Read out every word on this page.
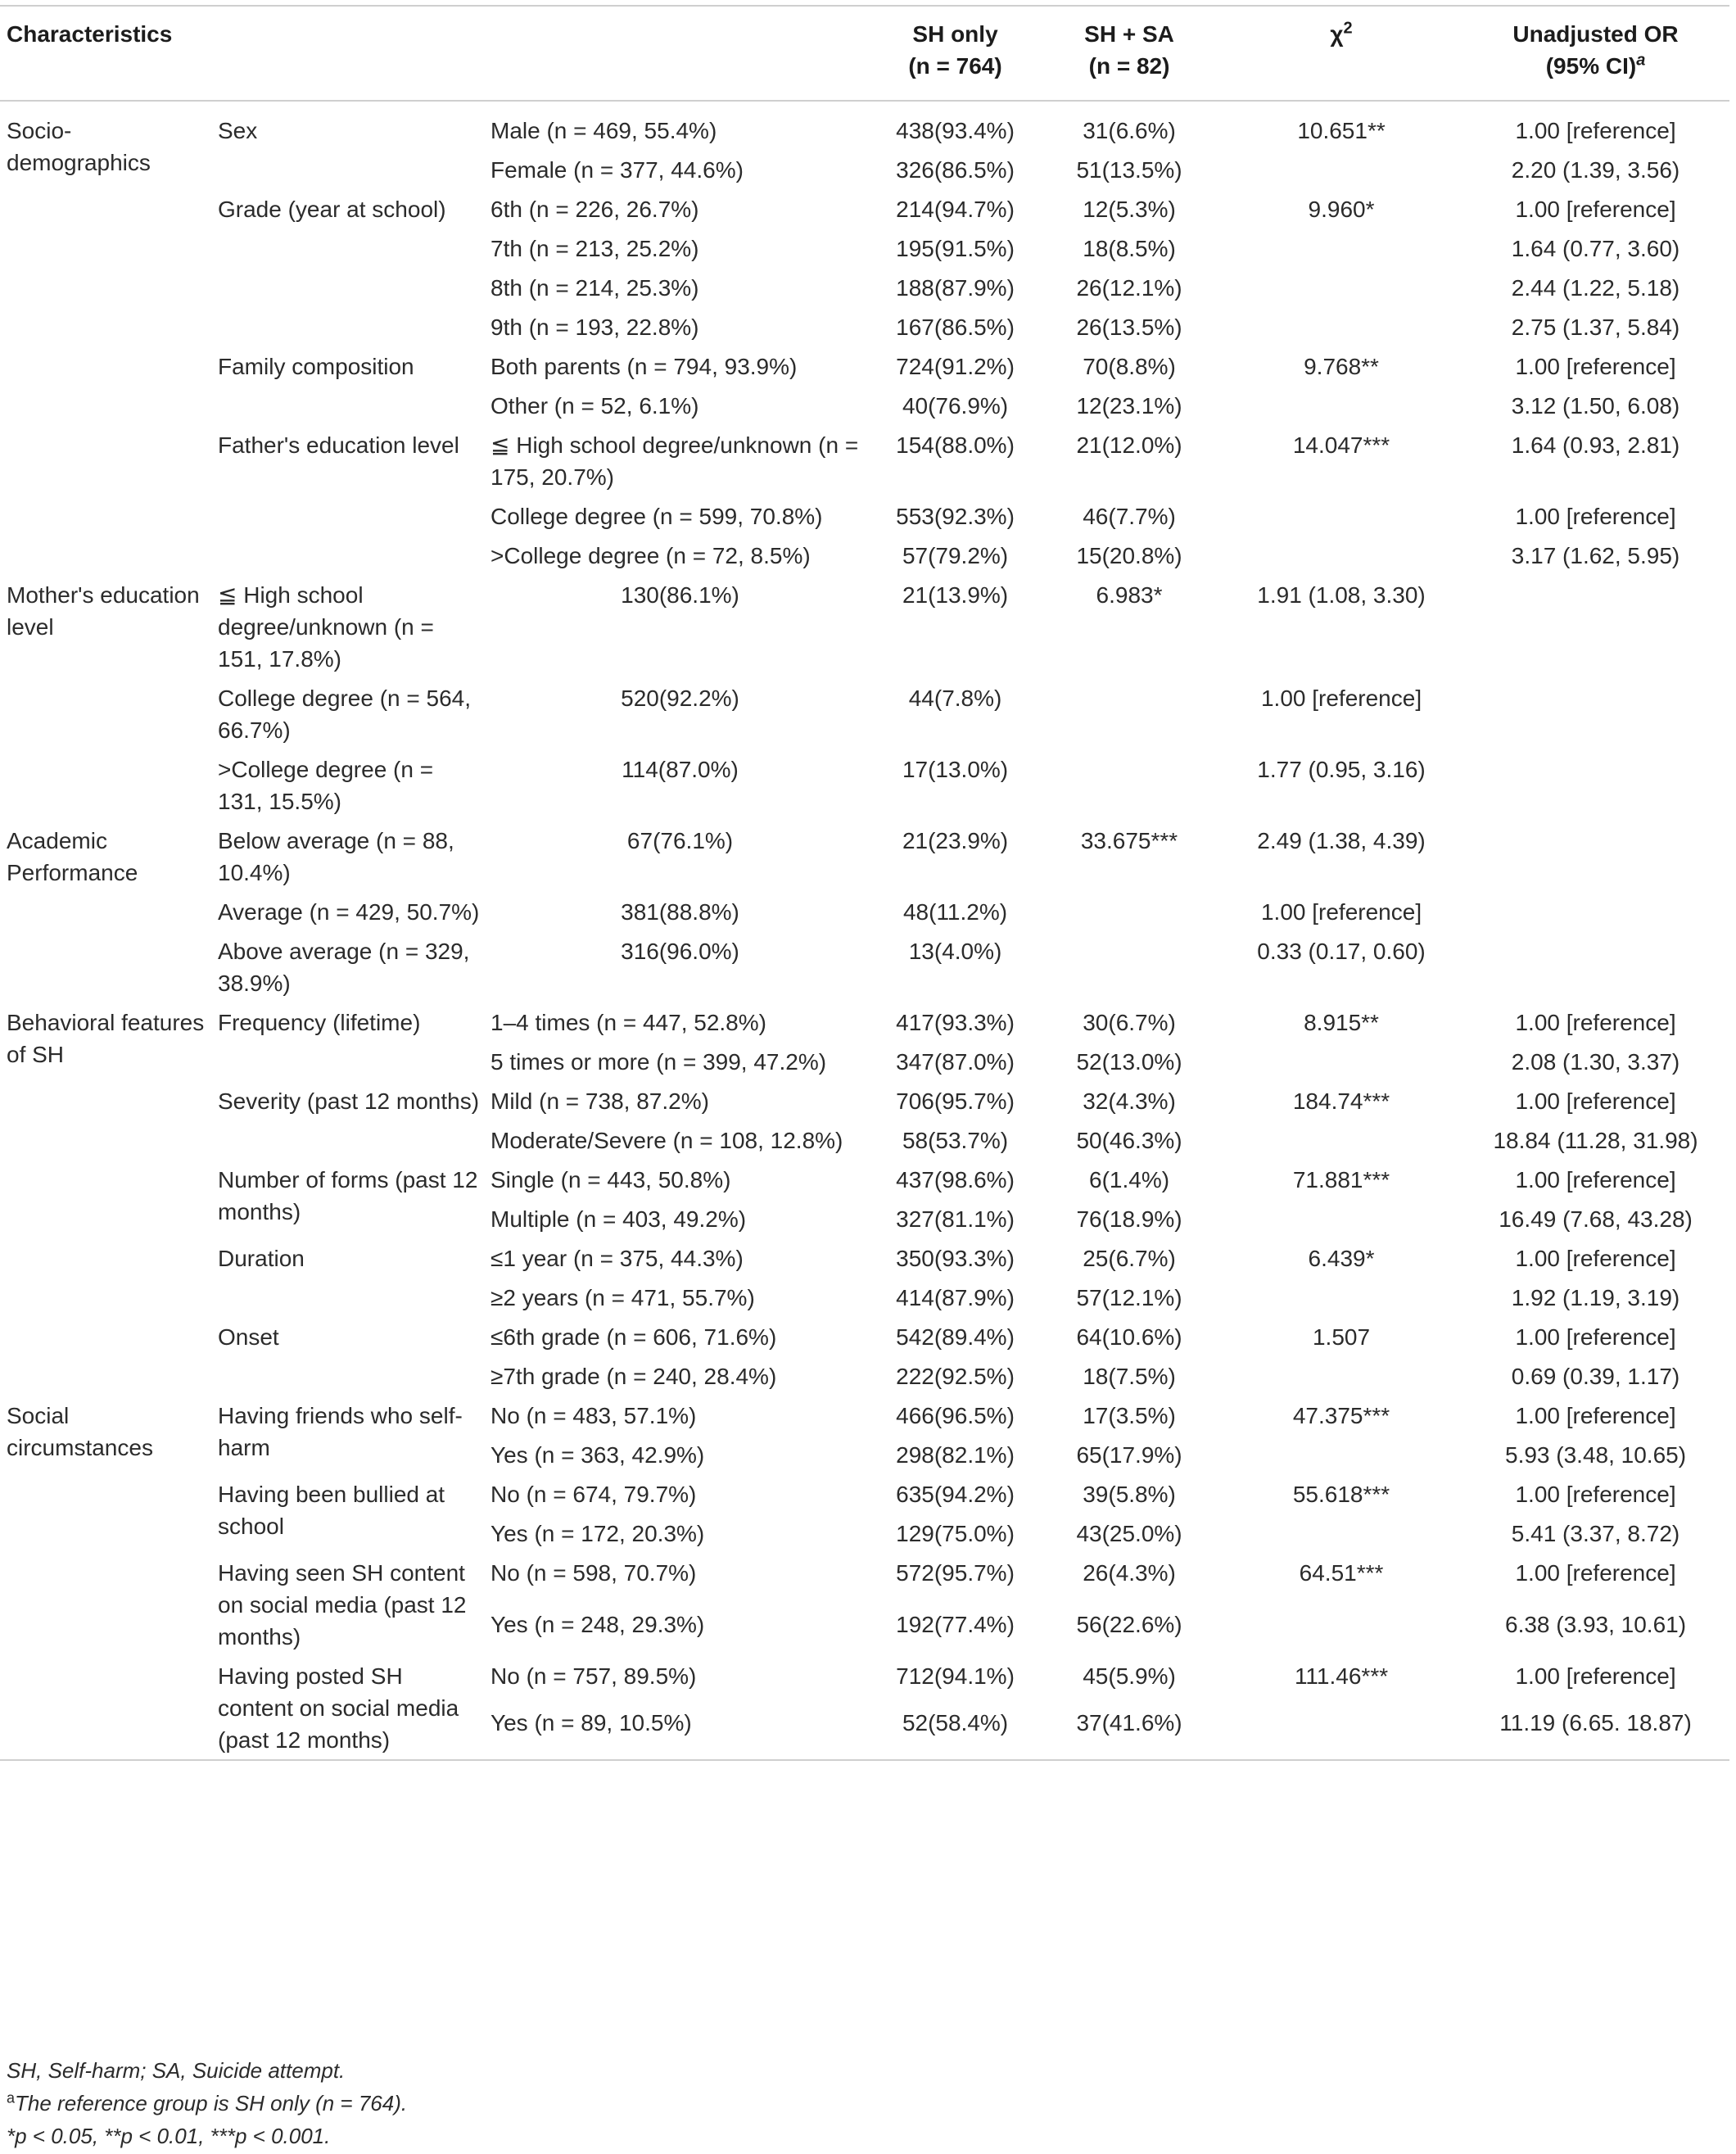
Characteristics			SH only
(n = 764)	SH + SA
(n = 82)	$\chi^2$	Unadjusted OR
(95% CI)$^a$
Socio-demographics	Sex	Male (n = 469, 55.4%)	438(93.4%)	31(6.6%)	10.651**	1.00 [reference]
		Female (n = 377, 44.6%)	326(86.5%)	51(13.5%)		2.20 (1.39, 3.56)
	Grade (year at school)	6th (n = 226, 26.7%)	214(94.7%)	12(5.3%)	9.960*	1.00 [reference]
		7th (n = 213, 25.2%)	195(91.5%)	18(8.5%)		1.64 (0.77, 3.60)
		8th (n = 214, 25.3%)	188(87.9%)	26(12.1%)		2.44 (1.22, 5.18)
		9th (n = 193, 22.8%)	167(86.5%)	26(13.5%)		2.75 (1.37, 5.84)
	Family composition	Both parents (n = 794, 93.9%)	724(91.2%)	70(8.8%)	9.768**	1.00 [reference]
		Other (n = 52, 6.1%)	40(76.9%)	12(23.1%)		3.12 (1.50, 6.08)
	Father's education level	≦ High school degree/unknown (n = 175, 20.7%)	154(88.0%)	21(12.0%)	14.047***	1.64 (0.93, 2.81)
		College degree (n = 599, 70.8%)	553(92.3%)	46(7.7%)		1.00 [reference]
		>College degree (n = 72, 8.5%)	57(79.2%)	15(20.8%)		3.17 (1.62, 5.95)
Mother's education level	≦ High school degree/unknown (n = 151, 17.8%)	130(86.1%)	21(13.9%)	6.983*	1.91 (1.08, 3.30)	
	College degree (n = 564, 66.7%)	520(92.2%)	44(7.8%)		1.00 [reference]	
	>College degree (n = 131, 15.5%)	114(87.0%)	17(13.0%)		1.77 (0.95, 3.16)	
Academic Performance	Below average (n = 88, 10.4%)	67(76.1%)	21(23.9%)	33.675***	2.49 (1.38, 4.39)	
	Average (n = 429, 50.7%)	381(88.8%)	48(11.2%)		1.00 [reference]	
	Above average (n = 329, 38.9%)	316(96.0%)	13(4.0%)		0.33 (0.17, 0.60)	
Behavioral features of SH	Frequency (lifetime)	1–4 times (n = 447, 52.8%)	417(93.3%)	30(6.7%)	8.915**	1.00 [reference]
		5 times or more (n = 399, 47.2%)	347(87.0%)	52(13.0%)		2.08 (1.30, 3.37)
	Severity (past 12 months)	Mild (n = 738, 87.2%)	706(95.7%)	32(4.3%)	184.74***	1.00 [reference]
		Moderate/Severe (n = 108, 12.8%)	58(53.7%)	50(46.3%)		18.84 (11.28, 31.98)
	Number of forms (past 12 months)	Single (n = 443, 50.8%)	437(98.6%)	6(1.4%)	71.881***	1.00 [reference]
		Multiple (n = 403, 49.2%)	327(81.1%)	76(18.9%)		16.49 (7.68, 43.28)
	Duration	≤1 year (n = 375, 44.3%)	350(93.3%)	25(6.7%)	6.439*	1.00 [reference]
		≥2 years (n = 471, 55.7%)	414(87.9%)	57(12.1%)		1.92 (1.19, 3.19)
	Onset	≤6th grade (n = 606, 71.6%)	542(89.4%)	64(10.6%)	1.507	1.00 [reference]
		≥7th grade (n = 240, 28.4%)	222(92.5%)	18(7.5%)		0.69 (0.39, 1.17)
Social circumstances	Having friends who self-harm	No (n = 483, 57.1%)	466(96.5%)	17(3.5%)	47.375***	1.00 [reference]
		Yes (n = 363, 42.9%)	298(82.1%)	65(17.9%)		5.93 (3.48, 10.65)
	Having been bullied at school	No (n = 674, 79.7%)	635(94.2%)	39(5.8%)	55.618***	1.00 [reference]
		Yes (n = 172, 20.3%)	129(75.0%)	43(25.0%)		5.41 (3.37, 8.72)
	Having seen SH content on social media (past 12 months)	No (n = 598, 70.7%)	572(95.7%)	26(4.3%)	64.51***	1.00 [reference]
		Yes (n = 248, 29.3%)	192(77.4%)	56(22.6%)		6.38 (3.93, 10.61)
	Having posted SH content on social media (past 12 months)	No (n = 757, 89.5%)	712(94.1%)	45(5.9%)	111.46***	1.00 [reference]
		Yes (n = 89, 10.5%)	52(58.4%)	37(41.6%)		11.19 (6.65. 18.87)
SH, Self-harm; SA, Suicide attempt.
$^a$The reference group is SH only (n = 764).
*p < 0.05, **p < 0.01, ***p < 0.001.
